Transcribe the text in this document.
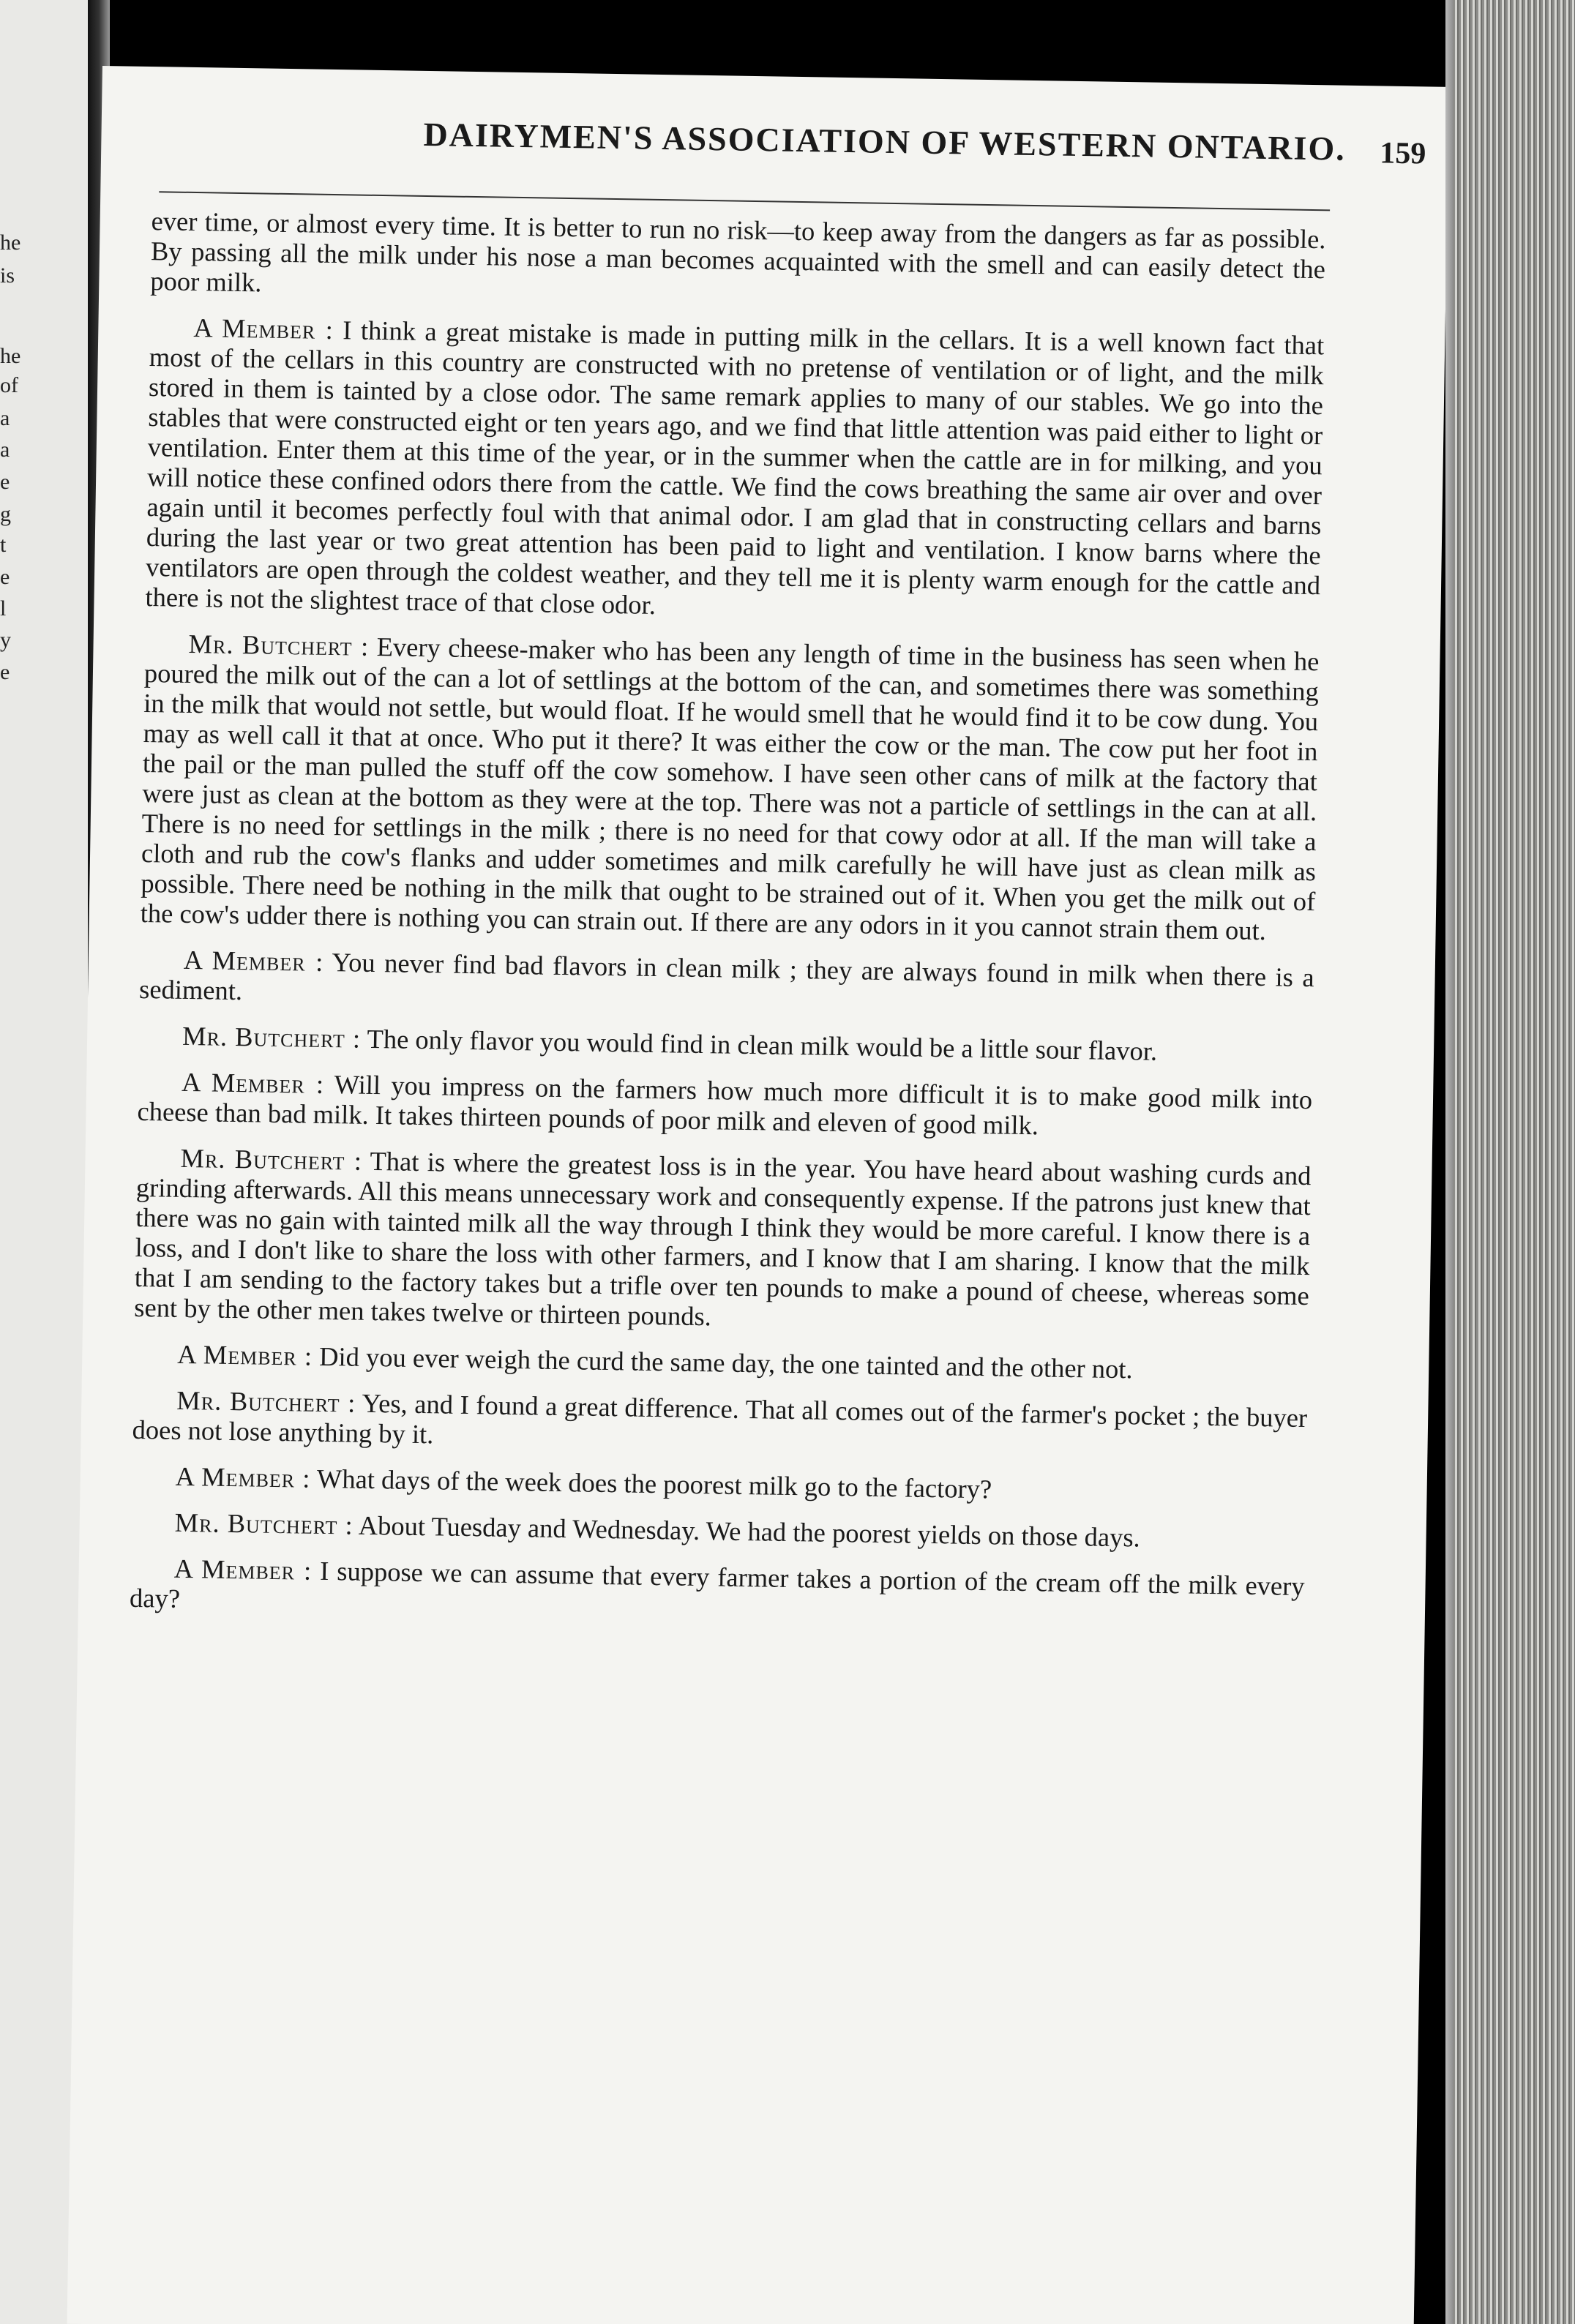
he
is
he
of
a
a
e
g
t
e
l
y
e
DAIRYMEN'S ASSOCIATION OF WESTERN ONTARIO. 159

ever time, or almost every time. It is better to run no risk—to keep away from the dangers as far as possible. By passing all the milk under his nose a man becomes acquainted with the smell and can easily detect the poor milk.

A Member : I think a great mistake is made in putting milk in the cellars. It is a well known fact that most of the cellars in this country are constructed with no pretense of ventilation or of light, and the milk stored in them is tainted by a close odor. The same remark applies to many of our stables. We go into the stables that were constructed eight or ten years ago, and we find that little attention was paid either to light or ventilation. Enter them at this time of the year, or in the summer when the cattle are in for milking, and you will notice these confined odors there from the cattle. We find the cows breathing the same air over and over again until it becomes perfectly foul with that animal odor. I am glad that in constructing cellars and barns during the last year or two great attention has been paid to light and ventilation. I know barns where the ventilators are open through the coldest weather, and they tell me it is plenty warm enough for the cattle and there is not the slightest trace of that close odor.

Mr. Butchert : Every cheese-maker who has been any length of time in the business has seen when he poured the milk out of the can a lot of settlings at the bottom of the can, and sometimes there was something in the milk that would not settle, but would float. If he would smell that he would find it to be cow dung. You may as well call it that at once. Who put it there? It was either the cow or the man. The cow put her foot in the pail or the man pulled the stuff off the cow somehow. I have seen other cans of milk at the factory that were just as clean at the bottom as they were at the top. There was not a particle of settlings in the can at all. There is no need for settlings in the milk ; there is no need for that cowy odor at all. If the man will take a cloth and rub the cow's flanks and udder sometimes and milk carefully he will have just as clean milk as possible. There need be nothing in the milk that ought to be strained out of it. When you get the milk out of the cow's udder there is nothing you can strain out. If there are any odors in it you cannot strain them out.

A Member : You never find bad flavors in clean milk ; they are always found in milk when there is a sediment.

Mr. Butchert : The only flavor you would find in clean milk would be a little sour flavor.

A Member : Will you impress on the farmers how much more difficult it is to make good milk into cheese than bad milk. It takes thirteen pounds of poor milk and eleven of good milk.

Mr. Butchert : That is where the greatest loss is in the year. You have heard about washing curds and grinding afterwards. All this means unnecessary work and consequently expense. If the patrons just knew that there was no gain with tainted milk all the way through I think they would be more careful. I know there is a loss, and I don't like to share the loss with other farmers, and I know that I am sharing. I know that the milk that I am sending to the factory takes but a trifle over ten pounds to make a pound of cheese, whereas some sent by the other men takes twelve or thirteen pounds.

A Member : Did you ever weigh the curd the same day, the one tainted and the other not.

Mr. Butchert : Yes, and I found a great difference. That all comes out of the farmer's pocket ; the buyer does not lose anything by it.

A Member : What days of the week does the poorest milk go to the factory?

Mr. Butchert : About Tuesday and Wednesday. We had the poorest yields on those days.

A Member : I suppose we can assume that every farmer takes a portion of the cream off the milk every day?
